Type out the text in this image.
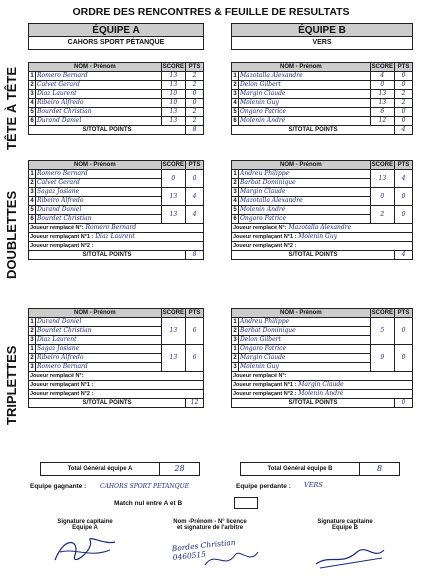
ORDRE DES RENCONTRES & FEUILLE DE RESULTATS
ÉQUIPE A
CAHORS SPORT PÉTANQUE
ÉQUIPE B
VERS
TÊTE À TÊTE
DOUBLETTES
TRIPLETTES
NOM - Prénom		SCORE	PTS
1	Romero Bernard	13	2
2	Calvet Gerard	13	2
3	Diaz Laurent	10	0
4	Ribeiro Alfredo	10	0
5	Bourdet Christian	13	2
6	Durand Daniel	13	2
S/TOTAL POINTS			8
NOM - Prénom		SCORE	PTS
1	Mazotalla Alexandre	4	0
2	Delon Gilbert	0	0
3	Margin Claude	13	2
4	Molenin Guy	13	2
5	Ongaro Patrice	6	0
6	Molenin André	12	0
S/TOTAL POINTS			4
NOM - Prénom		SCORE	PTS
1	Romero Bernard	0	0
2	Calvet Gerard		
3	Sagaz Josiane	13	4
4	Ribeiro Alfredo		
5	Durand Daniel	13	4
6	Bourdet Christian		
Joueur remplacé N°: Romero Bernard			
Joueur remplaçant N°1 : Diaz Laurent			
Joueur remplaçant N°2 :			
S/TOTAL POINTS			8
NOM - Prénom		SCORE	PTS
1	Andreu Philippe	13	4
2	Barbat Dominique		
3	Margin Claude	0	0
4	Mazotalla Alexandre		
5	Molenin André	2	0
6	Ongaro Patrice		
Joueur remplacé N°: Mazotalla Alexandre			
Joueur remplaçant N°1 : Molenin Guy			
Joueur remplaçant N°2 :			
S/TOTAL POINTS			4
NOM - Prénom		SCORE	PTS
1	Durand Daniel	13	6
2	Bourdet Christian		
3	Diaz Laurent		
1	Sagaz Josiane	13	6
2	Ribeiro Alfredo		
3	Romero Bernard		
Joueur remplacé N°:			
Joueur remplaçant N°1 :			
Joueur remplaçant N°2 :			
S/TOTAL POINTS			12
NOM - Prénom		SCORE	PTS
1	Andreu Philippe	5	0
2	Barbat Dominique		
3	Delon Gilbert		
1	Ongaro Patrice	9	0
2	Margin Claude		
3	Molenin Guy		
Joueur remplacé N°:			
Joueur remplaçant N°1 : Margin Claude			
Joueur remplaçant N°2 : Molenin André			
S/TOTAL POINTS			0
Total Général équipe A	28	Total Général équipe B	8
Equipe gagnante : CAHORS SPORT PETANQUE	Equipe perdante : VERS
Match nul entre A et B
Signature capitaine
Equipe A
Nom -Prénom - N° licence
et signature de l'arbitre
Signature capitaine
Equipe B
Bordes Christian 0460515
